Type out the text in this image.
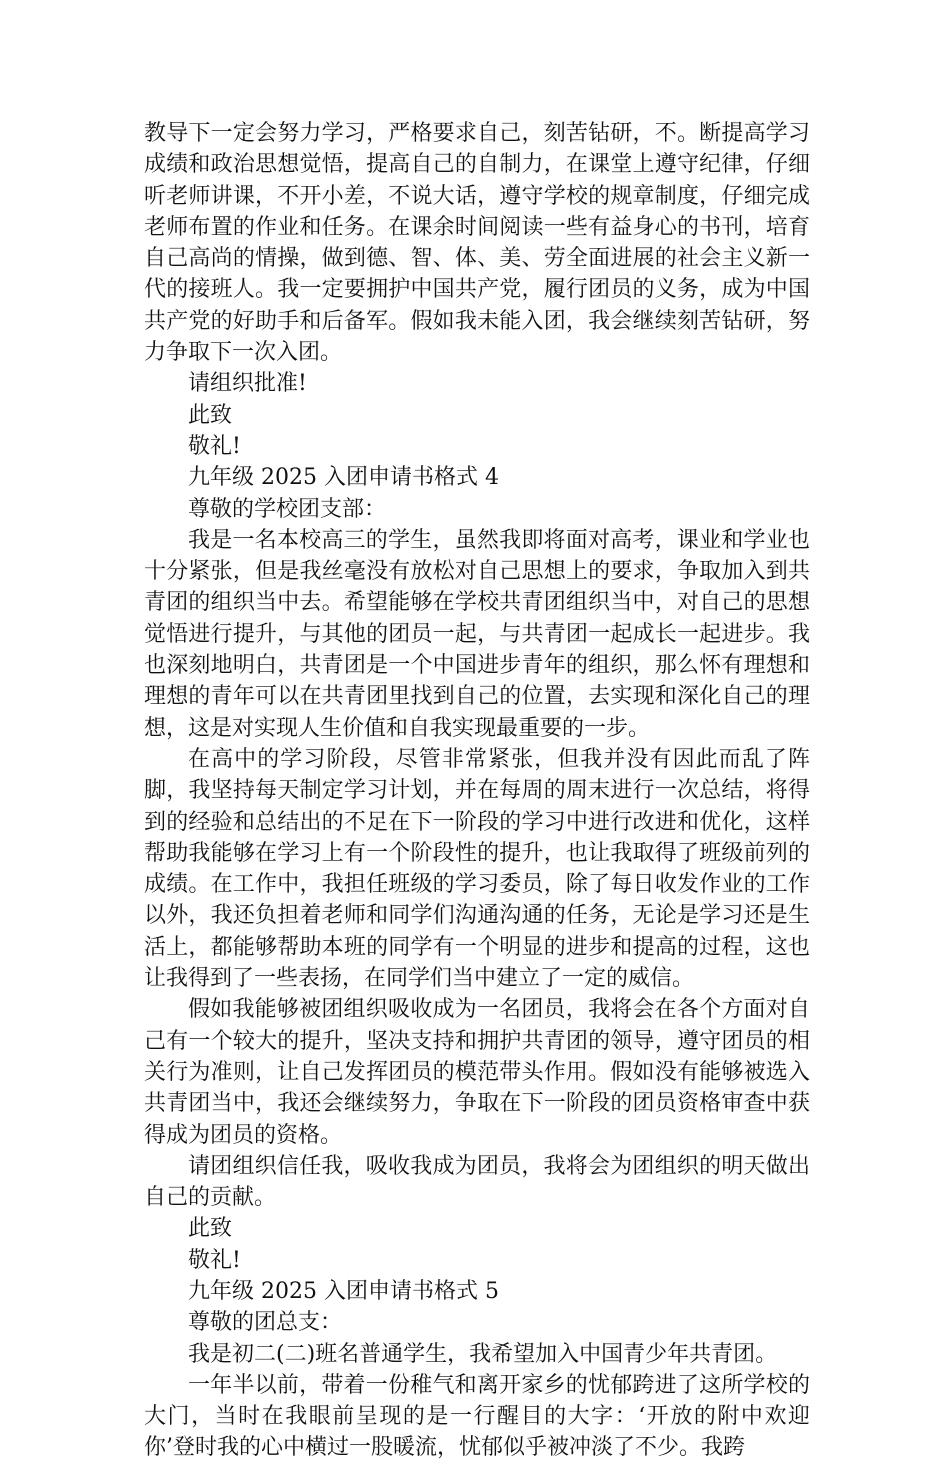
教导下一定会努力学习，严格要求自己，刻苦钻研，不。断提高学习成绩和政治思想觉悟，提高自己的自制力，在课堂上遵守纪律，仔细听老师讲课，不开小差，不说大话，遵守学校的规章制度，仔细完成老师布置的作业和任务。在课余时间阅读一些有益身心的书刊，培育自己高尚的情操，做到德、智、体、美、劳全面进展的社会主义新一代的接班人。我一定要拥护中国共产党，履行团员的义务，成为中国共产党的好助手和后备军。假如我未能入团，我会继续刻苦钻研，努力争取下一次入团。

请组织批准!

此致

敬礼!

九年级 2025 入团申请书格式 4

尊敬的学校团支部：

我是一名本校高三的学生，虽然我即将面对高考，课业和学业也十分紧张，但是我丝毫没有放松对自己思想上的要求，争取加入到共青团的组织当中去。希望能够在学校共青团组织当中，对自己的思想觉悟进行提升，与其他的团员一起，与共青团一起成长一起进步。我也深刻地明白，共青团是一个中国进步青年的组织，那么怀有理想和理想的青年可以在共青团里找到自己的位置，去实现和深化自己的理想，这是对实现人生价值和自我实现最重要的一步。

在高中的学习阶段，尽管非常紧张，但我并没有因此而乱了阵脚，我坚持每天制定学习计划，并在每周的周末进行一次总结，将得到的经验和总结出的不足在下一阶段的学习中进行改进和优化，这样帮助我能够在学习上有一个阶段性的提升，也让我取得了班级前列的成绩。在工作中，我担任班级的学习委员，除了每日收发作业的工作以外，我还负担着老师和同学们沟通沟通的任务，无论是学习还是生活上，都能够帮助本班的同学有一个明显的进步和提高的过程，这也让我得到了一些表扬，在同学们当中建立了一定的威信。

假如我能够被团组织吸收成为一名团员，我将会在各个方面对自己有一个较大的提升，坚决支持和拥护共青团的领导，遵守团员的相关行为准则，让自己发挥团员的模范带头作用。假如没有能够被选入共青团当中，我还会继续努力，争取在下一阶段的团员资格审查中获得成为团员的资格。

请团组织信任我，吸收我成为团员，我将会为团组织的明天做出自己的贡献。

此致

敬礼!

九年级 2025 入团申请书格式 5

尊敬的团总支：

我是初二(二)班名普通学生，我希望加入中国青少年共青团。

一年半以前，带着一份稚气和离开家乡的忧郁跨进了这所学校的大门，当时在我眼前呈现的是一行醒目的大字：‘开放的附中欢迎你’登时我的心中横过一股暖流，忧郁似乎被冲淡了不少。我跨
